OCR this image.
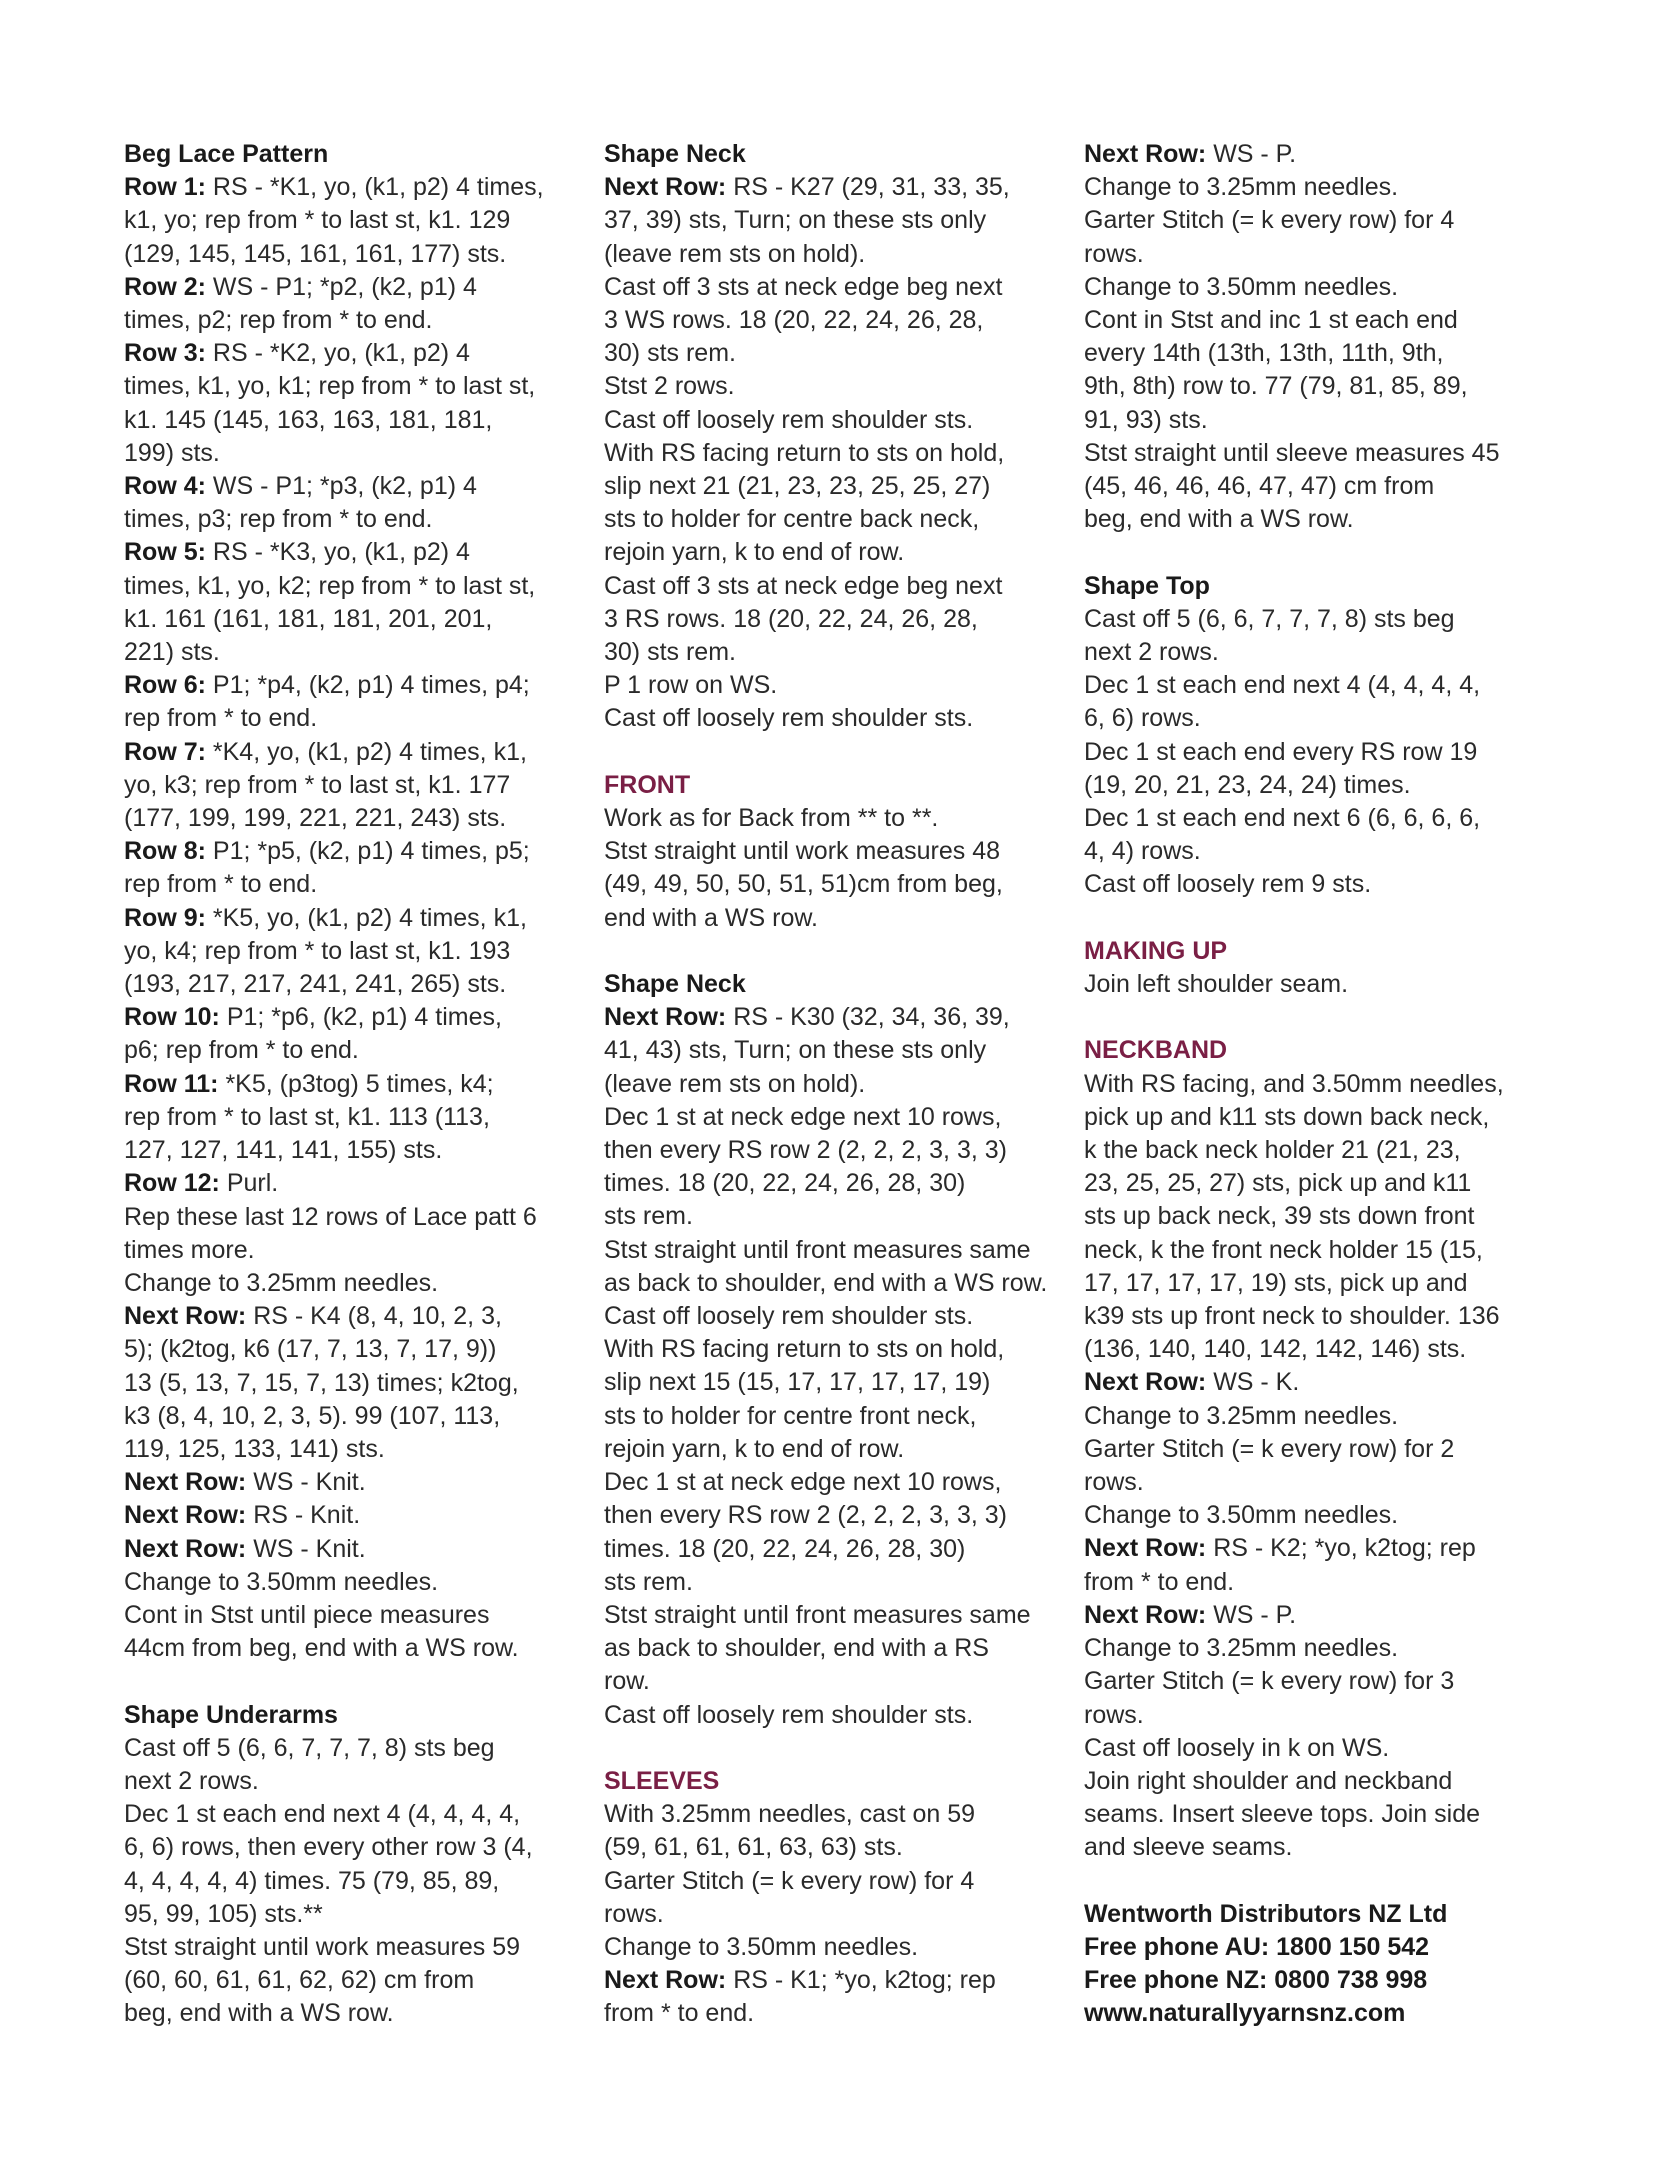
Beg Lace Pattern
Row 1: RS - *K1, yo, (k1, p2) 4 times,
k1, yo; rep from * to last st, k1. 129
(129, 145, 145, 161, 161, 177) sts.
Row 2: WS - P1; *p2, (k2, p1) 4
times, p2; rep from * to end.
Row 3: RS - *K2, yo, (k1, p2) 4
times, k1, yo, k1; rep from * to last st,
k1. 145 (145, 163, 163, 181, 181,
199) sts.
Row 4: WS - P1; *p3, (k2, p1) 4
times, p3; rep from * to end.
Row 5: RS - *K3, yo, (k1, p2) 4
times, k1, yo, k2; rep from * to last st,
k1. 161 (161, 181, 181, 201, 201,
221) sts.
Row 6: P1; *p4, (k2, p1) 4 times, p4;
rep from * to end.
Row 7: *K4, yo, (k1, p2) 4 times, k1,
yo, k3; rep from * to last st, k1. 177
(177, 199, 199, 221, 221, 243) sts.
Row 8: P1; *p5, (k2, p1) 4 times, p5;
rep from * to end.
Row 9: *K5, yo, (k1, p2) 4 times, k1,
yo, k4; rep from * to last st, k1. 193
(193, 217, 217, 241, 241, 265) sts.
Row 10: P1; *p6, (k2, p1) 4 times,
p6; rep from * to end.
Row 11: *K5, (p3tog) 5 times, k4;
rep from * to last st, k1. 113 (113,
127, 127, 141, 141, 155) sts.
Row 12: Purl.
Rep these last 12 rows of Lace patt 6
times more.
Change to 3.25mm needles.
Next Row: RS - K4 (8, 4, 10, 2, 3,
5); (k2tog, k6 (17, 7, 13, 7, 17, 9))
13 (5, 13, 7, 15, 7, 13) times; k2tog,
k3 (8, 4, 10, 2, 3, 5). 99 (107, 113,
119, 125, 133, 141) sts.
Next Row: WS - Knit.
Next Row: RS - Knit.
Next Row: WS - Knit.
Change to 3.50mm needles.
Cont in Stst until piece measures
44cm from beg, end with a WS row.
Shape Underarms
Cast off 5 (6, 6, 7, 7, 7, 8) sts beg
next 2 rows.
Dec 1 st each end next 4 (4, 4, 4, 4,
6, 6) rows, then every other row 3 (4,
4, 4, 4, 4, 4) times. 75 (79, 85, 89,
95, 99, 105) sts.**
Stst straight until work measures 59
(60, 60, 61, 61, 62, 62) cm from
beg, end with a WS row.
Shape Neck
Next Row: RS - K27 (29, 31, 33, 35,
37, 39) sts, Turn; on these sts only
(leave rem sts on hold).
Cast off 3 sts at neck edge beg next
3 WS rows. 18 (20, 22, 24, 26, 28,
30) sts rem.
Stst 2 rows.
Cast off loosely rem shoulder sts.
With RS facing return to sts on hold,
slip next 21 (21, 23, 23, 25, 25, 27)
sts to holder for centre back neck,
rejoin yarn, k to end of row.
Cast off 3 sts at neck edge beg next
3 RS rows. 18 (20, 22, 24, 26, 28,
30) sts rem.
P 1 row on WS.
Cast off loosely rem shoulder sts.
FRONT
Work as for Back from ** to **.
Stst straight until work measures 48
(49, 49, 50, 50, 51, 51)cm from beg,
end with a WS row.
Shape Neck
Next Row: RS - K30 (32, 34, 36, 39,
41, 43) sts, Turn; on these sts only
(leave rem sts on hold).
Dec 1 st at neck edge next 10 rows,
then every RS row 2 (2, 2, 2, 3, 3, 3)
times. 18 (20, 22, 24, 26, 28, 30)
sts rem.
Stst straight until front measures same
as back to shoulder, end with a WS row.
Cast off loosely rem shoulder sts.
With RS facing return to sts on hold,
slip next 15 (15, 17, 17, 17, 17, 19)
sts to holder for centre front neck,
rejoin yarn, k to end of row.
Dec 1 st at neck edge next 10 rows,
then every RS row 2 (2, 2, 2, 3, 3, 3)
times. 18 (20, 22, 24, 26, 28, 30)
sts rem.
Stst straight until front measures same
as back to shoulder, end with a RS
row.
Cast off loosely rem shoulder sts.
SLEEVES
With 3.25mm needles, cast on 59
(59, 61, 61, 61, 63, 63) sts.
Garter Stitch (= k every row) for 4
rows.
Change to 3.50mm needles.
Next Row: RS - K1; *yo, k2tog; rep
from * to end.
Next Row: WS - P.
Change to 3.25mm needles.
Garter Stitch (= k every row) for 4
rows.
Change to 3.50mm needles.
Cont in Stst and inc 1 st each end
every 14th (13th, 13th, 11th, 9th,
9th, 8th) row to. 77 (79, 81, 85, 89,
91, 93) sts.
Stst straight until sleeve measures 45
(45, 46, 46, 46, 47, 47) cm from
beg, end with a WS row.
Shape Top
Cast off 5 (6, 6, 7, 7, 7, 8) sts beg
next 2 rows.
Dec 1 st each end next 4 (4, 4, 4, 4,
6, 6) rows.
Dec 1 st each end every RS row 19
(19, 20, 21, 23, 24, 24) times.
Dec 1 st each end next 6 (6, 6, 6, 6,
4, 4) rows.
Cast off loosely rem 9 sts.
MAKING UP
Join left shoulder seam.
NECKBAND
With RS facing, and 3.50mm needles,
pick up and k11 sts down back neck,
k the back neck holder 21 (21, 23,
23, 25, 25, 27) sts, pick up and k11
sts up back neck, 39 sts down front
neck, k the front neck holder 15 (15,
17, 17, 17, 17, 19) sts, pick up and
k39 sts up front neck to shoulder. 136
(136, 140, 140, 142, 142, 146) sts.
Next Row: WS - K.
Change to 3.25mm needles.
Garter Stitch (= k every row) for 2
rows.
Change to 3.50mm needles.
Next Row: RS - K2; *yo, k2tog; rep
from * to end.
Next Row: WS - P.
Change to 3.25mm needles.
Garter Stitch (= k every row) for 3
rows.
Cast off loosely in k on WS.
Join right shoulder and neckband
seams. Insert sleeve tops. Join side
and sleeve seams.
Wentworth Distributors NZ Ltd
Free phone AU: 1800 150 542
Free phone NZ: 0800 738 998
www.naturallyyarnsnz.com
